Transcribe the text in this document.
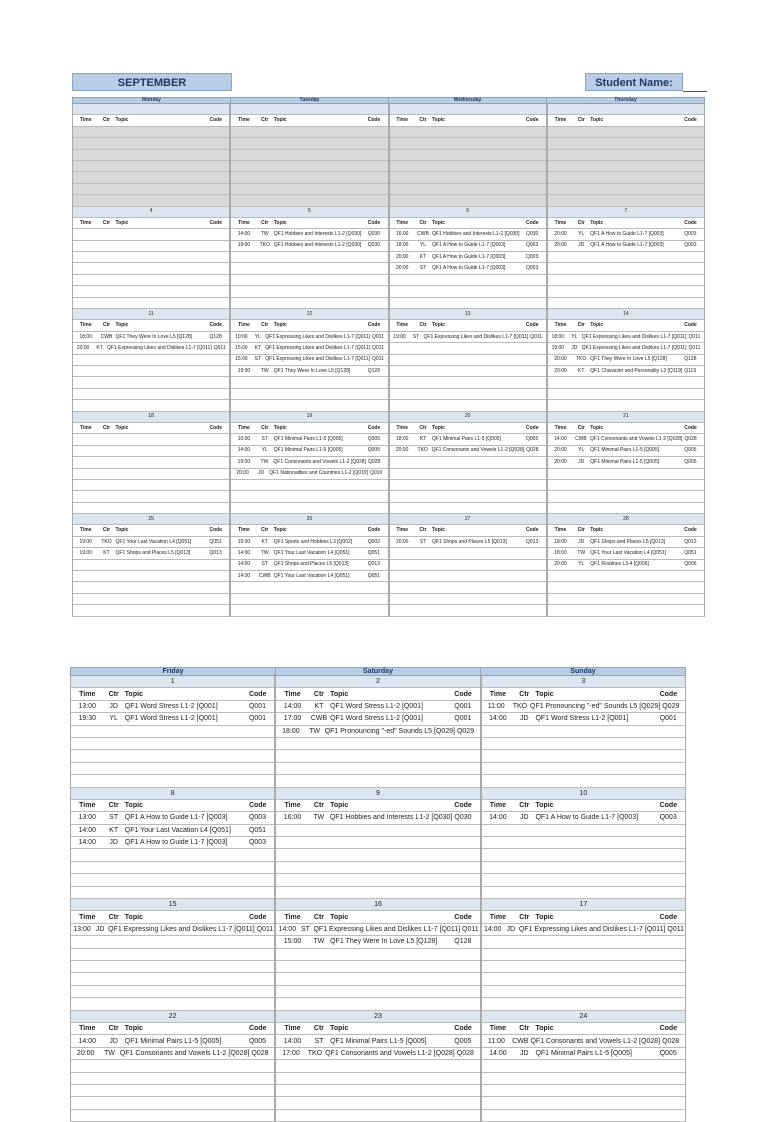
SEPTEMBER	Student Name:
Monday	Tuesday	Wednesday	Thursday
Time	Ctr	Topic	Code	Time	Ctr	Topic	Code	Time	Ctr	Topic	Code	Time	Ctr	Topic	Code
4
Time	Ctr	Topic	Code
5
Time	Ctr	Topic	Code
14:00	TW	QF1 Hobbies and Interests L1-2 [Q030]	Q030
19:00	TKO QF1 Hobbies and Interests L1-2 [Q030]	Q030
6
Time	Ctr	Topic	Code
16:00	CWB QF1 Hobbies and Interests L1-2 [Q030]	Q030
18:00	YL	QF1 A How to Guide L1-7 [Q003]	Q003
20:00	KT	QF1 A How to Guide L1-7 [Q003]	Q003
20:00	ST	QF1 A How to Guide L1-7 [Q003]	Q003
7
Time	Ctr	Topic	Code
20:00	YL	QF1 A How to Guide L1-7 [Q003]	Q003
20:00	JD	QF1 A How to Guide L1-7 [Q003]	Q003
11
Time	Ctr	Topic	Code
18:00	CWB QF1 They Were In Love L5 [Q128]	Q128
20:00	KT QF1 Expressing Likes and Dislikes L1-7 [Q011] Q011
12
Time	Ctr	Topic	Code
10:00	YL QF1 Expressing Likes and Dislikes L1-7 [Q011] Q011
15:00	KT QF1 Expressing Likes and Dislikes L1-7 [Q011] Q011
15:00	ST QF1 Expressing Likes and Dislikes L1-7 [Q011] Q011
19:00	TW	QF1 They Were In Love L5 [Q128]	Q128
13
Time	Ctr	Topic	Code
19:00	ST QF1 Expressing Likes and Dislikes L1-7 [Q011] Q011
14
Time	Ctr	Topic	Code
18:00	YL QF1 Expressing Likes and Dislikes L1-7 [Q011] Q011
19:00	JD QF1 Expressing Likes and Dislikes L1-7 [Q011] Q011
20:00	TKO QF1 They Were In Love L5 [Q128]	Q128
20:00	KT	QF1 Character and Personality L3 [Q119] Q119
18
Time	Ctr	Topic	Code
19
Time	Ctr	Topic	Code
10:00	ST	QF1 Minimal Pairs L1-5 [Q005]	Q005
14:00	YL	QF1 Minimal Pairs L1-5 [Q005]	Q005
19:00	TW	QF1 Consonants and Vowels L1-2 [Q028] Q028
20:00	JD	QF1 Nationalities and Countries L1-2 [Q019] Q019
20
Time	Ctr	Topic	Code
18:00	KT	QF1 Minimal Pairs L1-5 [Q005]	Q005
20:00	TKO QF1 Consonants and Vowels L1-2 [Q028] Q028
21
Time	Ctr	Topic	Code
14:00	CWB QF1 Consonants and Vowels L1-2 [Q028] Q028
20:00	YL	QF1 Minimal Pairs L1-5 [Q005]	Q005
20:00	JD	QF1 Minimal Pairs L1-5 [Q005]	Q005
25
Time	Ctr	Topic	Code
19:00	TKO QF1 Your Last Vacation L4 [Q051]	Q051
19:00	KT	QF1 Shops and Places L5 [Q013]	Q013
26
Time	Ctr	Topic	Code
15:00	KT	QF1 Sports and Hobbies L3 [Q002]	Q002
14:00	TW	QF1 Your Last Vacation L4 [Q051]	Q051
14:00	ST	QF1 Shops and Places L5 [Q013]	Q013
14:00	CWB QF1 Your Last Vacation L4 [Q051]	Q051
27
Time	Ctr	Topic	Code
20:00	ST	QF1 Shops and Places L5 [Q013]	Q013
28
Time	Ctr	Topic	Code
18:00	JD	QF1 Shops and Places L5 [Q013]	Q013
18:00	TW	QF1 Your Last Vacation L4 [Q051]	Q051
20:00	YL	QF1 Routines L3-4 [Q006]	Q006
Friday	Saturday	Sunday
1
Time	Ctr Topic	Code
13:00	JD QF1 Word Stress L1-2 [Q001]	Q001
19:30	YL QF1 Word Stress L1-2 [Q001]	Q001
2
Time	Ctr Topic	Code
14:00	KT QF1 Word Stress L1-2 [Q001]	Q001
17:00	CWB QF1 Word Stress L1-2 [Q001]	Q001
18:00	TW QF1 Pronouncing "-ed" Sounds L5 [Q029] Q029
3
Time	Ctr Topic	Code
11:00	TKO QF1 Pronouncing "-ed" Sounds L5 [Q029] Q029
14:00	JD QF1 Word Stress L1-2 [Q001]	Q001
8
Time	Ctr Topic	Code
13:00	ST QF1 A How to Guide L1-7 [Q003]	Q003
14:00	KT QF1 Your Last Vacation L4 [Q051]	Q051
14:00	JD QF1 A How to Guide L1-7 [Q003]	Q003
9
Time	Ctr Topic	Code
16:00	TW QF1 Hobbies and Interests L1-2 [Q030] Q030
10
Time	Ctr Topic	Code
14:00	JD QF1 A How to Guide L1-7 [Q003]	Q003
15
Time	Ctr Topic	Code
13:00 JD QF1 Expressing Likes and Dislikes L1-7 [Q011] Q011
16
Time	Ctr Topic	Code
14:00 ST QF1 Expressing Likes and Dislikes L1-7 [Q011] Q011
15:00	TW QF1 They Were In Love L5 [Q128]	Q128
17
Time	Ctr Topic	Code
14:00 JD QF1 Expressing Likes and Dislikes L1-7 [Q011] Q011
22
Time	Ctr Topic	Code
14:00	JD QF1 Minimal Pairs L1-5 [Q005]	Q005
20:00	TW QF1 Consonants and Vowels L1-2 [Q028] Q028
23
Time	Ctr Topic	Code
14:00	ST QF1 Minimal Pairs L1-5 [Q005]	Q005
17:00	TKO QF1 Consonants and Vowels L1-2 [Q028] Q028
24
Time	Ctr Topic	Code
11:00	CWB QF1 Consonants and Vowels L1-2 [Q028] Q028
14:00	JD QF1 Minimal Pairs L1-5 [Q005]	Q005
